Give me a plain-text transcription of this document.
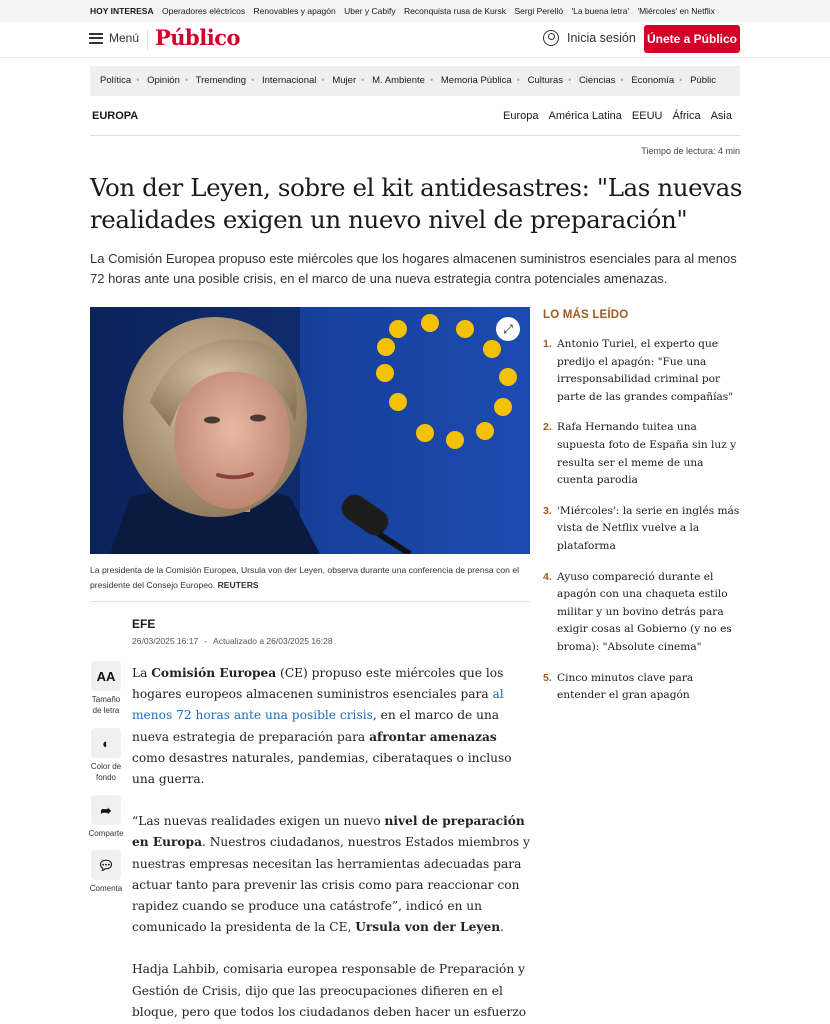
HOY INTERESA Operadores eléctricos Renovables y apagón Uber y Cabify Reconquista rusa de Kursk Sergi Perelló 'La buena letra' 'Miércoles' en Netflix
Menú Público	Inicia sesión Únete a Público
Política • Opinión • Tremending • Internacional • Mujer • M. Ambiente • Memoria Pública • Culturas • Ciencias • Economía • Públic
EUROPA	Europa América Latina EEUU África Asia
Tiempo de lectura: 4 min
Von der Leyen, sobre el kit antidesastres: "Las nuevas realidades exigen un nuevo nivel de preparación"
La Comisión Europea propuso este miércoles que los hogares almacenen suministros esenciales para al menos 72 horas ante una posible crisis, en el marco de una nueva estrategia contra potenciales amenazas.
⤢
La presidenta de la Comisión Europea, Ursula von der Leyen, observa durante una conferencia de prensa con el presidente del Consejo Europeo. REUTERS
EFE
26/03/2025 16:17 - Actualizado a 26/03/2025 16:28
AA
Tamaño de letra
◐
Color de fondo
➦
Comparte
💬︎
Comenta

La Comisión Europea (CE) propuso este miércoles que los hogares europeos almacenen suministros esenciales para al menos 72 horas ante una posible crisis, en el marco de una nueva estrategia de preparación para afrontar amenazas como desastres naturales, pandemias, ciberataques o incluso una guerra.

“Las nuevas realidades exigen un nuevo nivel de preparación en Europa. Nuestros ciudadanos, nuestros Estados miembros y nuestras empresas necesitan las herramientas adecuadas para actuar tanto para prevenir las crisis como para reaccionar con rapidez cuando se produce una catástrofe”, indicó en un comunicado la presidenta de la CE, Ursula von der Leyen.

Hadja Lahbib, comisaria europea responsable de Preparación y Gestión de Crisis, dijo que las preocupaciones difieren en el bloque, pero que todos los ciudadanos deben hacer un esfuerzo

LO MÁS LEÍDO
1. Antonio Turiel, el experto que predijo el apagón: "Fue una irresponsabilidad criminal por parte de las grandes compañías"
2. Rafa Hernando tuitea una supuesta foto de España sin luz y resulta ser el meme de una cuenta parodia
3. 'Miércoles': la serie en inglés más vista de Netflix vuelve a la plataforma
4. Ayuso compareció durante el apagón con una chaqueta estilo militar y un bovino detrás para exigir cosas al Gobierno (y no es broma): "Absolute cinema"
5. Cinco minutos clave para entender el gran apagón
